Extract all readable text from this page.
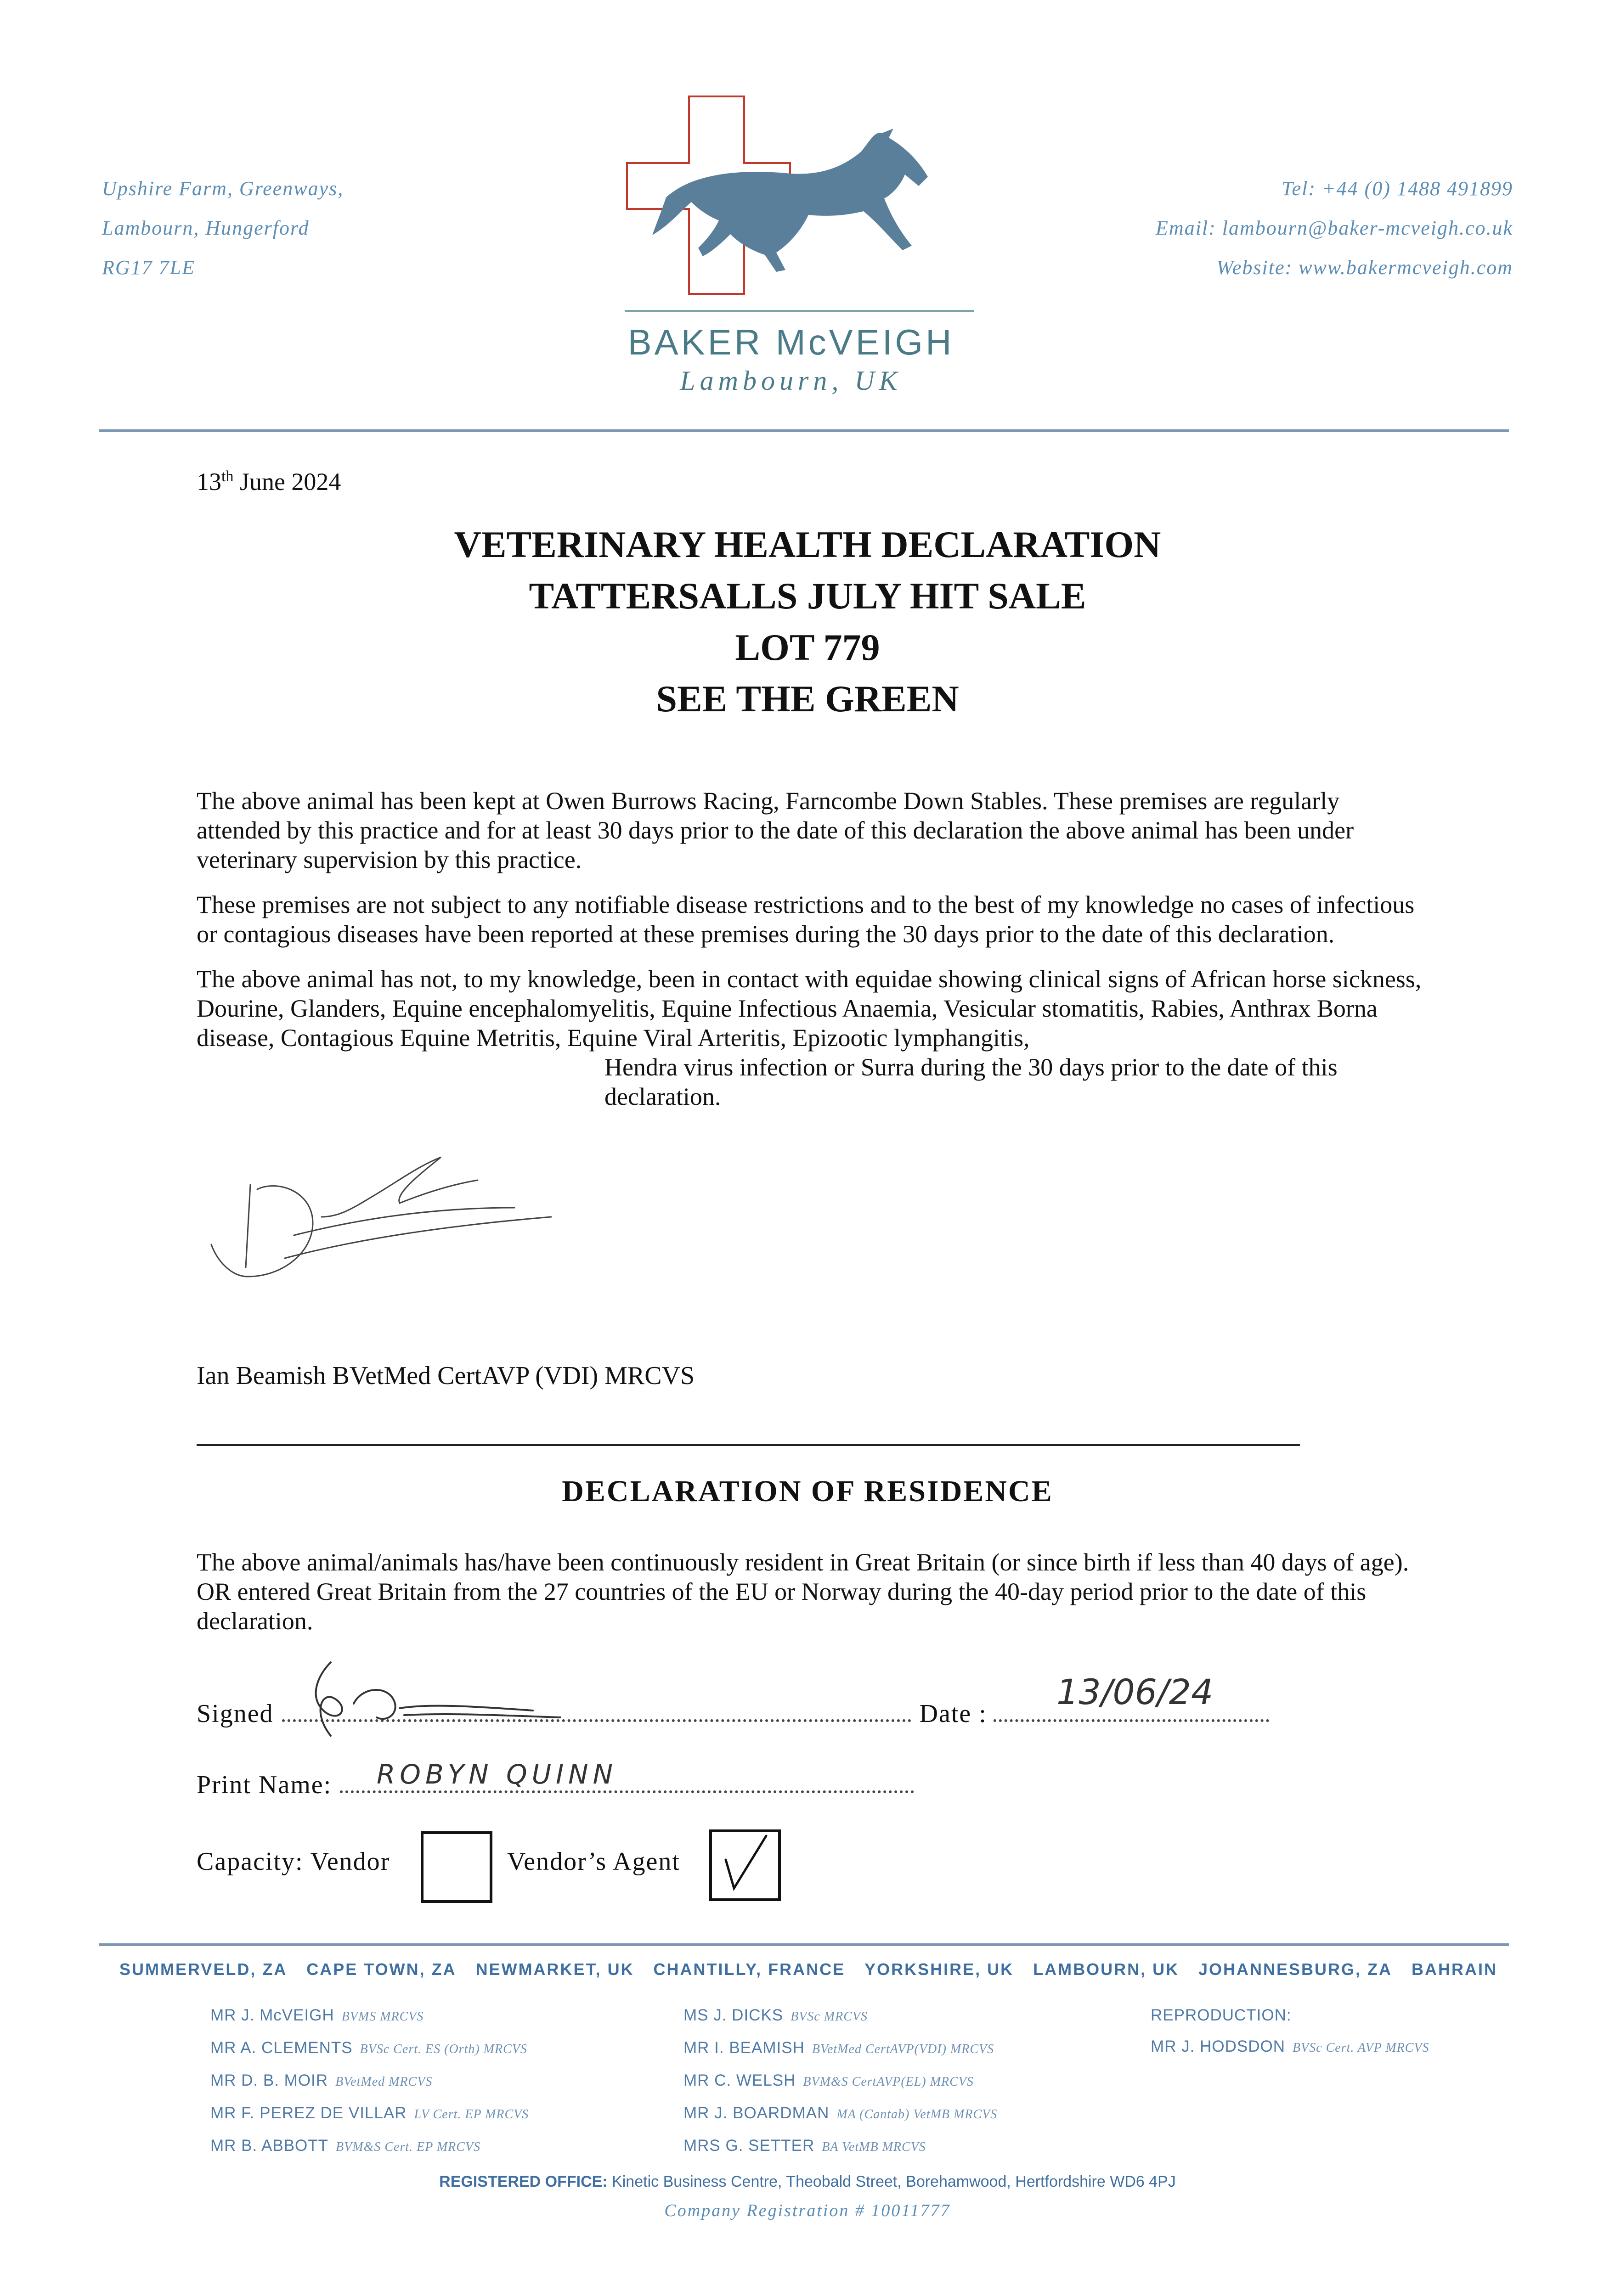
Upshire Farm, Greenways,
Lambourn, Hungerford
RG17 7LE
Tel: +44 (0) 1488 491899
Email: lambourn@baker-mcveigh.co.uk
Website: www.bakermcveigh.com
BAKER McVEIGH
Lambourn, UK
13th June 2024
VETERINARY HEALTH DECLARATION
TATTERSALLS JULY HIT SALE
LOT 779
SEE THE GREEN

The above animal has been kept at Owen Burrows Racing, Farncombe Down Stables. These premises are regularly attended by this practice and for at least 30 days prior to the date of this declaration the above animal has been under veterinary supervision by this practice.

These premises are not subject to any notifiable disease restrictions and to the best of my knowledge no cases of infectious or contagious diseases have been reported at these premises during the 30 days prior to the date of this declaration.

The above animal has not, to my knowledge, been in contact with equidae showing clinical signs of African horse sickness, Dourine, Glanders, Equine encephalomyelitis, Equine Infectious Anaemia, Vesicular stomatitis, Rabies, Anthrax Borna disease, Contagious Equine Metritis, Equine Viral Arteritis, Epizootic lymphangitis,

Hendra virus infection or Surra during the 30 days prior to the date of this declaration.
Ian Beamish BVetMed CertAVP (VDI) MRCVS
DECLARATION OF RESIDENCE
The above animal/animals has/have been continuously resident in Great Britain (or since birth if less than 40 days of age). OR entered Great Britain from the 27 countries of the EU or Norway during the 40-day period prior to the date of this declaration.
Signed	Date :
13/06/24
Print Name:	ROBYN QUINN
Capacity: Vendor	Vendor’s Agent
SUMMERVELD, ZA CAPE TOWN, ZA NEWMARKET, UK CHANTILLY, FRANCE YORKSHIRE, UK LAMBOURN, UK JOHANNESBURG, ZA BAHRAIN
MR J. McVEIGH BVMS MRCVS
MR A. CLEMENTS BVSc Cert. ES (Orth) MRCVS
MR D. B. MOIR BVetMed MRCVS
MR F. PEREZ DE VILLAR LV Cert. EP MRCVS
MR B. ABBOTT BVM&S Cert. EP MRCVS
MS J. DICKS BVSc MRCVS
MR I. BEAMISH BVetMed CertAVP(VDI) MRCVS
MR C. WELSH BVM&S CertAVP(EL) MRCVS
MR J. BOARDMAN MA (Cantab) VetMB MRCVS
MRS G. SETTER BA VetMB MRCVS
REPRODUCTION:
MR J. HODSDON BVSc Cert. AVP MRCVS
REGISTERED OFFICE: Kinetic Business Centre, Theobald Street, Borehamwood, Hertfordshire WD6 4PJ
Company Registration # 10011777
